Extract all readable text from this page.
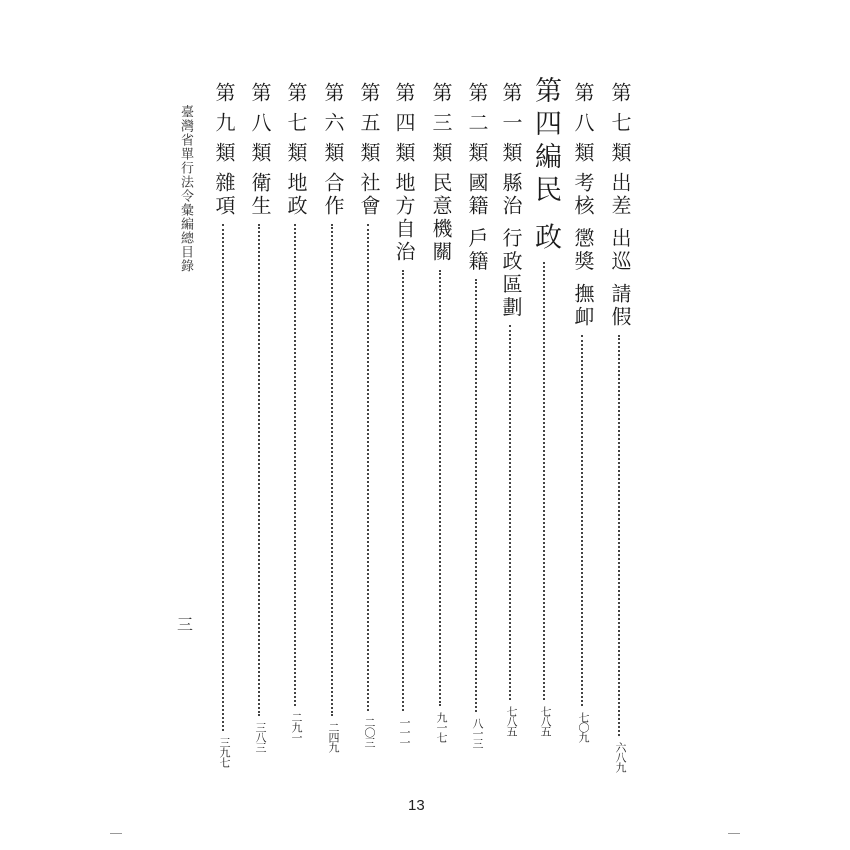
第七類
出差 出巡 請假
六八九
第八類
考核 懲獎 撫卹
七〇九
第四編
民 政
七八五
第一類
縣治 行政區劃
七八五
第二類
國籍 戶籍
八一三
第三類
民意機關
九一七
第四類
地方自治
一一一
第五類
社會
二〇三
第六類
合作
二四九
第七類
地政
二九一
第八類
衛生
三八三
第九類
雜項
三九七
臺灣省單行法令彙編總目錄
三
13
